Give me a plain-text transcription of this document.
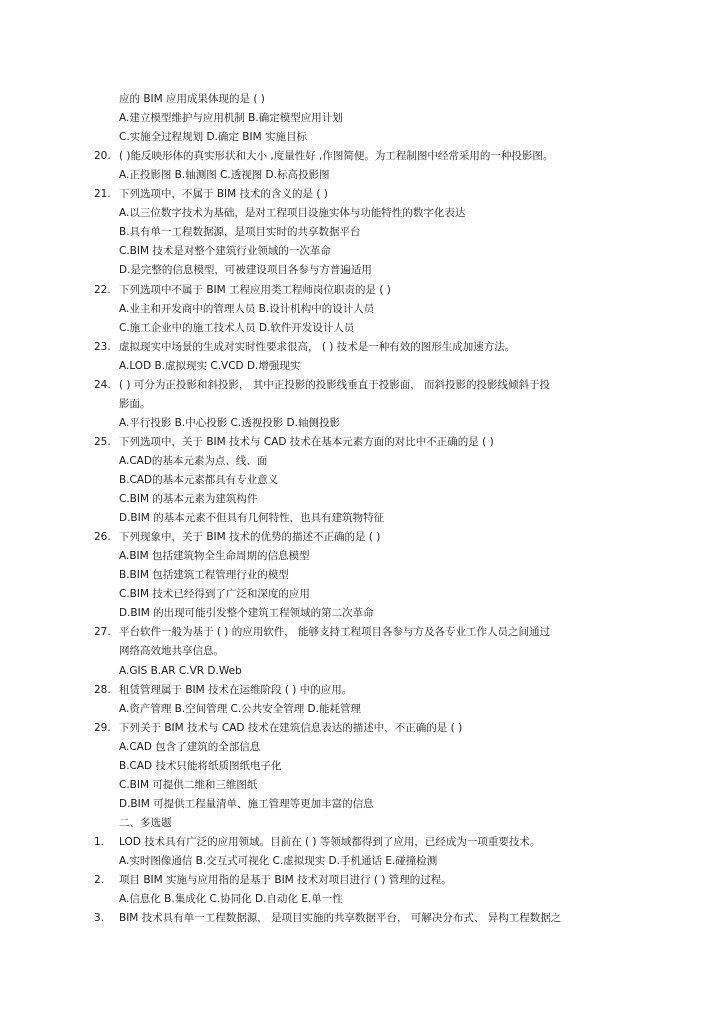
应的 BIM 应用成果体现的是 ( )
A.建立模型维护与应用机制 B.确定模型应用计划
C.实施全过程规划 D.确定 BIM 实施目标
20. ( )能反映形体的真实形状和大小 ,度量性好 ,作图简便。为工程制图中经常采用的一种投影图。
A.正投影图 B.轴测图 C.透视图 D.标高投影图
21. 下列选项中，不属于 BIM 技术的含义的是 ( )
A.以三位数字技术为基础，是对工程项目设施实体与功能特性的数字化表达
B.具有单一工程数据源，是项目实时的共享数据平台
C.BIM 技术是对整个建筑行业领域的一次革命
D.是完整的信息模型，可被建设项目各参与方普遍适用
22. 下列选项中不属于 BIM 工程应用类工程师岗位职责的是 ( )
A.业主和开发商中的管理人员 B.设计机构中的设计人员
C.施工企业中的施工技术人员 D.软件开发设计人员
23. 虚拟现实中场景的生成对实时性要求很高， ( ) 技术是一种有效的图形生成加速方法。
A.LOD B.虚拟现实 C.VCD D.增强现实
24. ( ) 可分为正投影和斜投影， 其中正投影的投影线垂直于投影面， 而斜投影的投影线倾斜于投
影面。
A.平行投影 B.中心投影 C.透视投影 D.轴侧投影
25. 下列选项中，关于 BIM 技术与 CAD 技术在基本元素方面的对比中不正确的是 ( )
A.CAD的基本元素为点、线、面
B.CAD的基本元素都具有专业意义
C.BIM 的基本元素为建筑构件
D.BIM 的基本元素不但具有几何特性，也具有建筑物特征
26. 下列现象中，关于 BIM 技术的优势的描述不正确的是 ( )
A.BIM 包括建筑物全生命周期的信息模型
B.BIM 包括建筑工程管理行业的模型
C.BIM 技术已经得到了广泛和深度的应用
D.BIM 的出现可能引发整个建筑工程领域的第二次革命
27. 平台软件一般为基于 ( ) 的应用软件， 能够支持工程项目各参与方及各专业工作人员之间通过
网络高效地共享信息。
A.GIS B.AR C.VR D.Web
28. 租赁管理属于 BIM 技术在运维阶段 ( ) 中的应用。
A.资产管理 B.空间管理 C.公共安全管理 D.能耗管理
29. 下列关于 BIM 技术与 CAD 技术在建筑信息表达的描述中，不正确的是 ( )
A.CAD 包含了建筑的全部信息
B.CAD 技术只能将纸质图纸电子化
C.BIM 可提供二维和三维图纸
D.BIM 可提供工程量清单、施工管理等更加丰富的信息
二、多选题
1. LOD 技术具有广泛的应用领域。目前在 ( ) 等领域都得到了应用，已经成为一项重要技术。
A.实时图像通信 B.交互式可视化 C.虚拟现实 D.手机通话 E.碰撞检测
2. 项目 BIM 实施与应用指的是基于 BIM 技术对项目进行 ( ) 管理的过程。
A.信息化 B.集成化 C.协同化 D.自动化 E.单一性
3. BIM 技术具有单一工程数据源， 是项目实施的共享数据平台， 可解决分布式、 异构工程数据之
